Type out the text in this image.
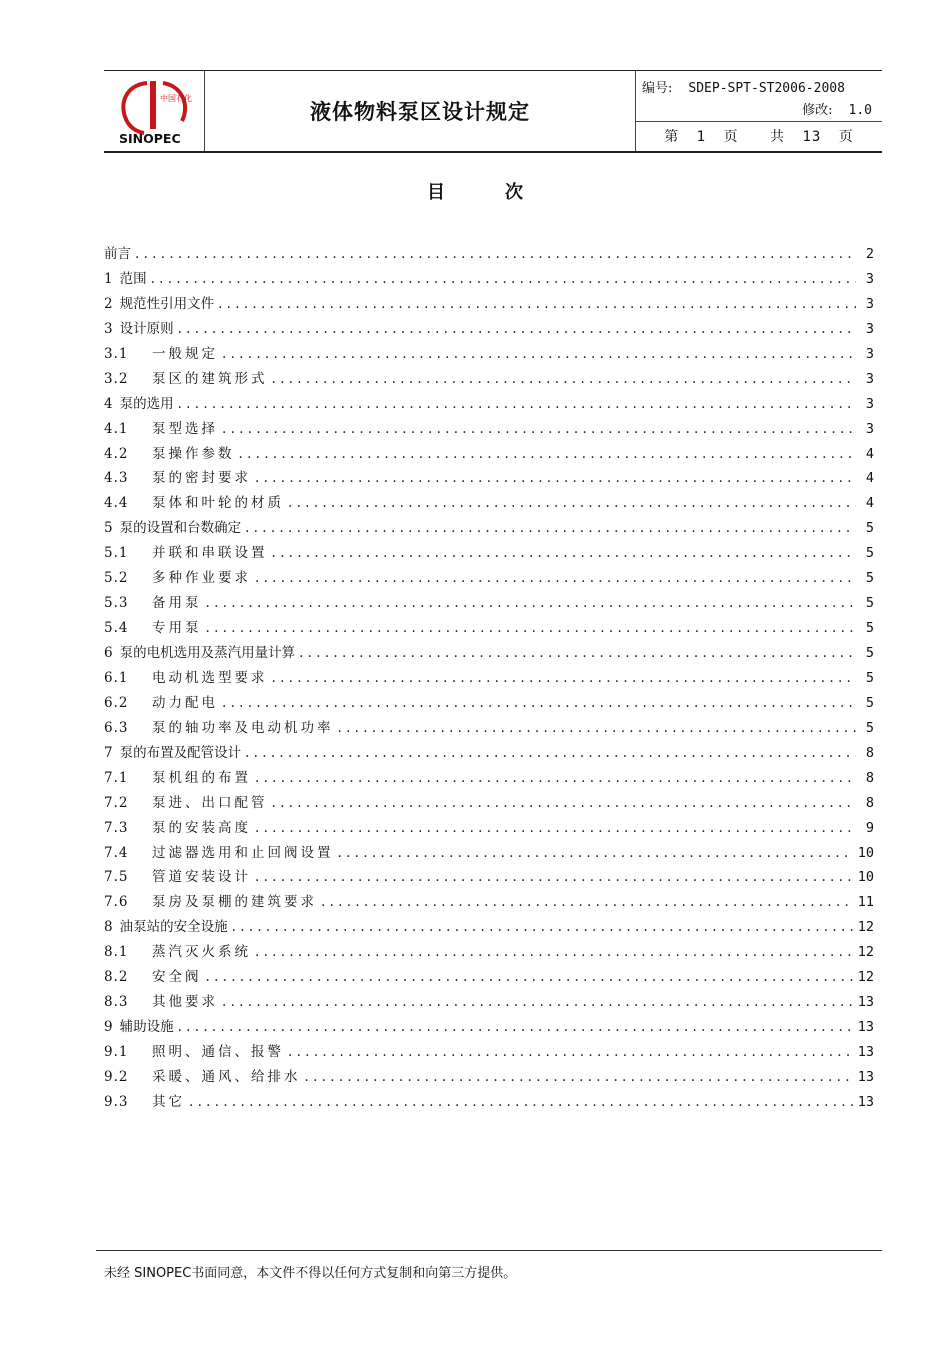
中国石化
SINOPEC
液体物料泵区设计规定
编号: SDEP-SPT-ST2006-2008
修改: 1.0
第 1 页 共 13 页
目	次
前言 . . .	2
1 范围 . . .	3
2 规范性引用文件 . . .	3
3 设计原则 . . .	3
3.1	一般规定 . . .	3
3.2	泵区的建筑形式 . . .	3
4 泵的选用 . . .	3
4.1	泵型选择 . . .	3
4.2	泵操作参数 . . .	4
4.3	泵的密封要求 . . .	4
4.4	泵体和叶轮的材质 . . .	4
5 泵的设置和台数确定 . . .	5
5.1	并联和串联设置 . . .	5
5.2	多种作业要求 . . .	5
5.3	备用泵 . . .	5
5.4	专用泵 . . .	5
6 泵的电机选用及蒸汽用量计算 . . .	5
6.1	电动机选型要求 . . .	5
6.2	动力配电 . . .	5
6.3	泵的轴功率及电动机功率 . . .	5
7 泵的布置及配管设计 . . .	8
7.1	泵机组的布置 . . .	8
7.2	泵进、出口配管 . . .	8
7.3	泵的安装高度 . . .	9
7.4	过滤器选用和止回阀设置 . . .	10
7.5	管道安装设计 . . .	10
7.6	泵房及泵棚的建筑要求 . . .	11
8 油泵站的安全设施 . . .	12
8.1	蒸汽灭火系统 . . .	12
8.2	安全阀 . . .	12
8.3	其他要求 . . .	13
9 辅助设施 . . .	13
9.1	照明、通信、报警 . . .	13
9.2	采暖、通风、给排水 . . .	13
9.3	其它 . . .	13
未经 SINOPEC书面同意，本文件不得以任何方式复制和向第三方提供。
